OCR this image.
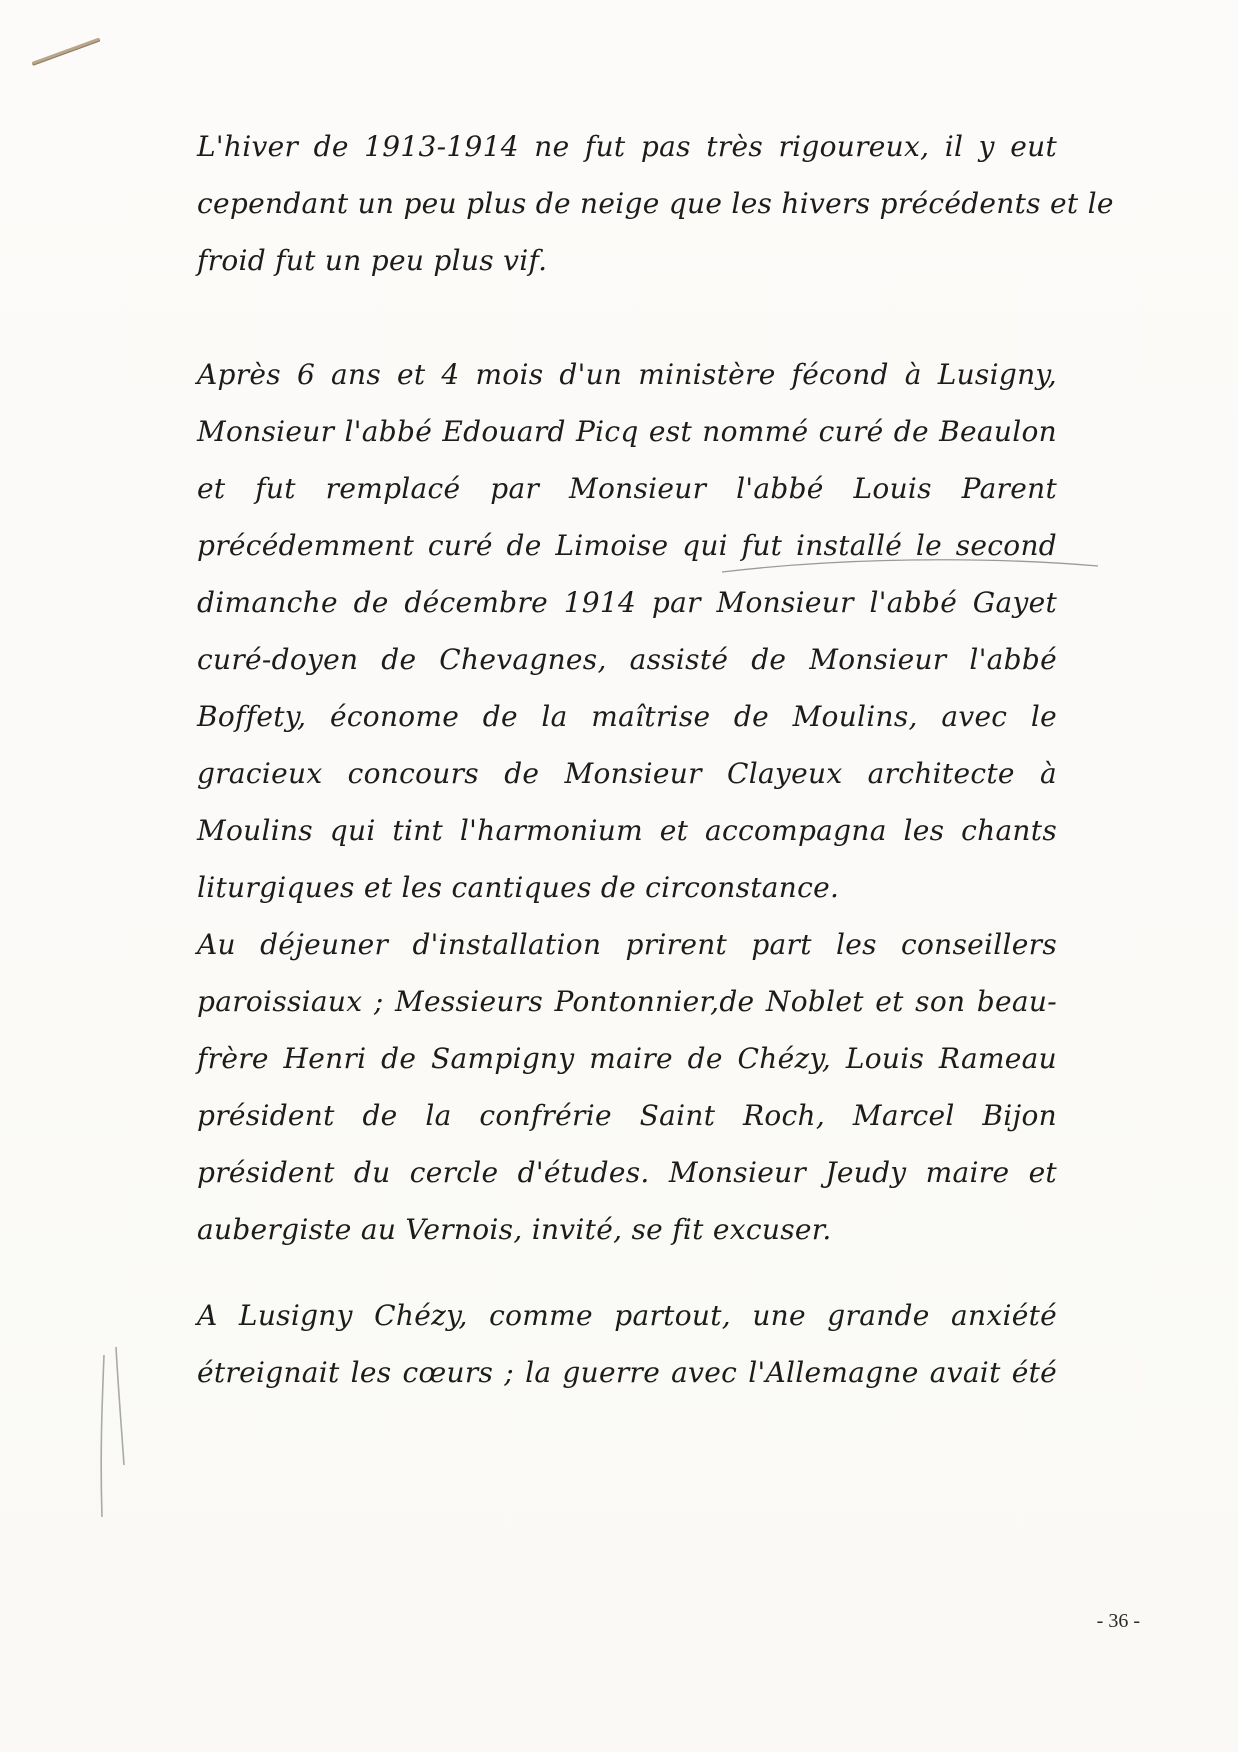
L'hiver de 1913-1914 ne fut pas très rigoureux, il y eut
cependant un peu plus de neige que les hivers précédents et le
froid fut un peu plus vif.
Après 6 ans et 4 mois d'un ministère fécond à Lusigny,
Monsieur l'abbé Edouard Picq est nommé curé de Beaulon
et fut remplacé par Monsieur l'abbé Louis Parent
précédemment curé de Limoise qui fut installé le second
dimanche de décembre 1914 par Monsieur l'abbé Gayet
curé-doyen de Chevagnes, assisté de Monsieur l'abbé
Boffety, économe de la maîtrise de Moulins, avec le
gracieux concours de Monsieur Clayeux architecte à
Moulins qui tint l'harmonium et accompagna les chants
liturgiques et les cantiques de circonstance.
Au déjeuner d'installation prirent part les conseillers
paroissiaux ; Messieurs Pontonnier,de Noblet et son beau-
frère Henri de Sampigny maire de Chézy, Louis Rameau
président de la confrérie Saint Roch, Marcel Bijon
président du cercle d'études. Monsieur Jeudy maire et
aubergiste au Vernois, invité, se fit excuser.
A Lusigny Chézy, comme partout, une grande anxiété
étreignait les cœurs ; la guerre avec l'Allemagne avait été
- 36 -
